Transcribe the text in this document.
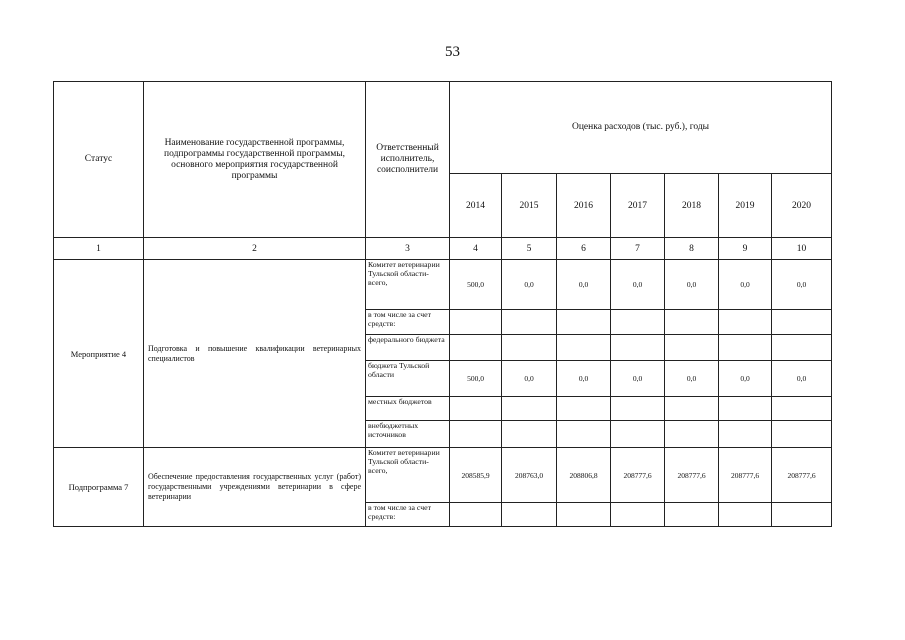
53
Статус	Наименование государственной программы, подпрограммы государственной программы, основного мероприятия государственной программы	Ответственный исполнитель, соисполнители	Оценка расходов (тыс. руб.), годы						
			2014	2015	2016	2017	2018	2019	2020
1	2	3	4	5	6	7	8	9	10
Мероприятие 4	Подготовка и повышение квалификации ветеринарных специалистов	Комитет ветеринарии Тульской области- всего,	500,0	0,0	0,0	0,0	0,0	0,0	0,0
		в том числе за счет средств:							
		федерального бюджета							
		бюджета Тульской области	500,0	0,0	0,0	0,0	0,0	0,0	0,0
		местных бюджетов							
		внебюджетных источников							
Подпрограмма 7	Обеспечение предоставления государственных услуг (работ) государственными учреждениями ветеринарии в сфере ветеринарии	Комитет ветеринарии Тульской области- всего,	208585,9	208763,0	208806,8	208777,6	208777,6	208777,6	208777,6
		в том числе за счет средств:							
